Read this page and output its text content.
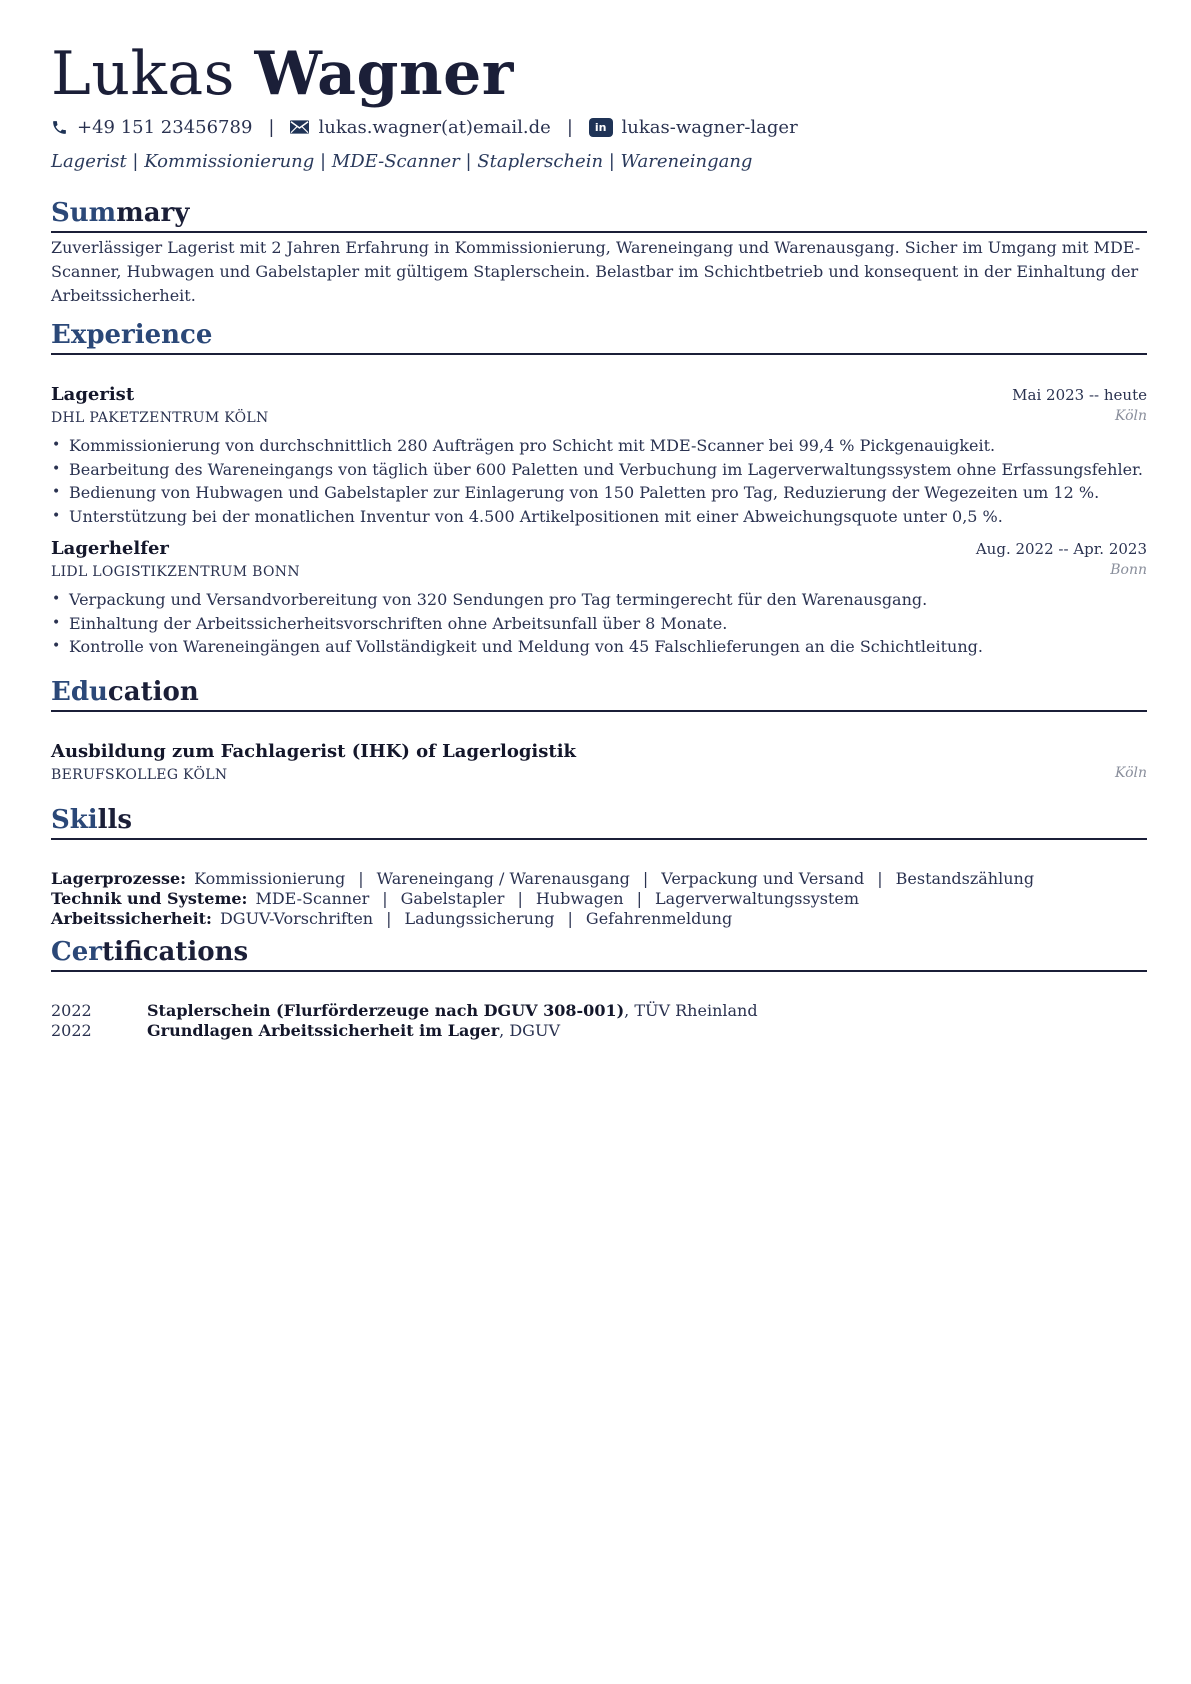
Lukas Wagner
+49 151 23456789 | lukas.wagner(at)email.de |	in lukas-wagner-lager
Lagerist | Kommissionierung | MDE-Scanner | Staplerschein | Wareneingang
Summary
Zuverlässiger Lagerist mit 2 Jahren Erfahrung in Kommissionierung, Wareneingang und Warenausgang. Sicher im Umgang mit MDE-Scanner, Hubwagen und Gabelstapler mit gültigem Staplerschein. Belastbar im Schichtbetrieb und konsequent in der Einhaltung der Arbeitssicherheit.
Experience
Lagerist	Mai 2023 -- heute
DHL PAKETZENTRUM KÖLN	Köln
• Kommissionierung von durchschnittlich 280 Aufträgen pro Schicht mit MDE-Scanner bei 99,4 % Pickgenauigkeit.
• Bearbeitung des Wareneingangs von täglich über 600 Paletten und Verbuchung im Lagerverwaltungssystem ohne Erfassungsfehler.
• Bedienung von Hubwagen und Gabelstapler zur Einlagerung von 150 Paletten pro Tag, Reduzierung der Wegezeiten um 12 %.
• Unterstützung bei der monatlichen Inventur von 4.500 Artikelpositionen mit einer Abweichungsquote unter 0,5 %.
Lagerhelfer	Aug. 2022 -- Apr. 2023
LIDL LOGISTIKZENTRUM BONN	Bonn
• Verpackung und Versandvorbereitung von 320 Sendungen pro Tag termingerecht für den Warenausgang.
• Einhaltung der Arbeitssicherheitsvorschriften ohne Arbeitsunfall über 8 Monate.
• Kontrolle von Wareneingängen auf Vollständigkeit und Meldung von 45 Falschlieferungen an die Schichtleitung.
Education
Ausbildung zum Fachlagerist (IHK) of Lagerlogistik
BERUFSKOLLEG KÖLN	Köln
Skills
Lagerprozesse: Kommissionierung | Wareneingang / Warenausgang | Verpackung und Versand | Bestandszählung
Technik und Systeme: MDE-Scanner | Gabelstapler | Hubwagen | Lagerverwaltungssystem
Arbeitssicherheit: DGUV-Vorschriften | Ladungssicherung | Gefahrenmeldung
Certifications
2022	Staplerschein (Flurförderzeuge nach DGUV 308-001), TÜV Rheinland
2022	Grundlagen Arbeitssicherheit im Lager, DGUV
